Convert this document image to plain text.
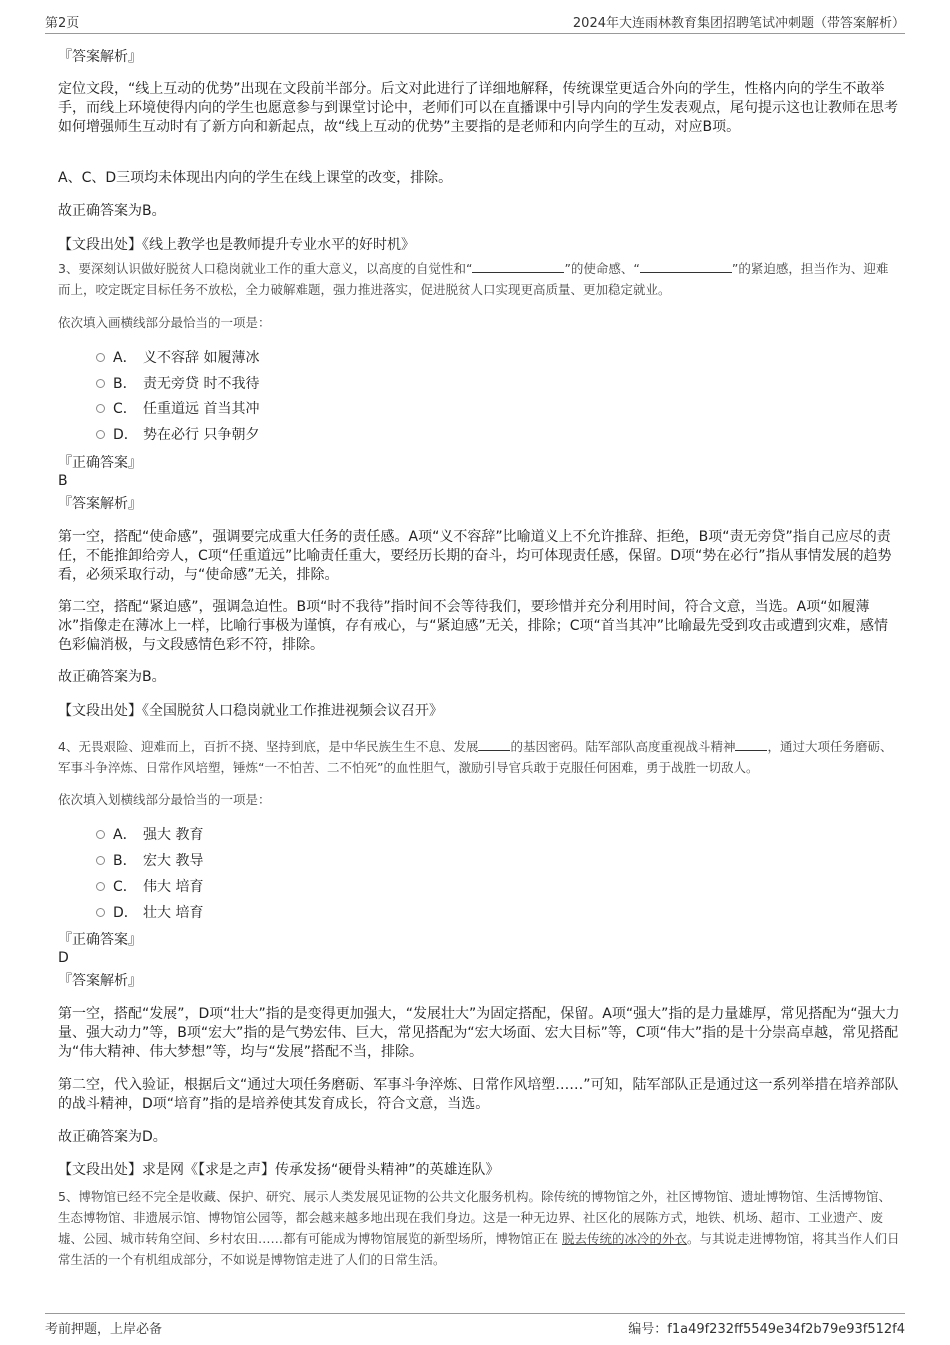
第2页	2024年大连雨林教育集团招聘笔试冲刺题（带答案解析）
『答案解析』
定位文段，“线上互动的优势”出现在文段前半部分。后文对此进行了详细地解释，传统课堂更适合外向的学生，性格内向的学生不敢举手，而线上环境使得内向的学生也愿意参与到课堂讨论中，老师们可以在直播课中引导内向的学生发表观点，尾句提示这也让教师在思考如何增强师生互动时有了新方向和新起点，故“线上互动的优势”主要指的是老师和内向学生的互动，对应B项。
A、C、D三项均未体现出内向的学生在线上课堂的改变，排除。
故正确答案为B。
【文段出处】《线上教学也是教师提升专业水平的好时机》
3、要深刻认识做好脱贫人口稳岗就业工作的重大意义，以高度的自觉性和“	”的使命感、“	”的紧迫感，担当作为、迎难而上，咬定既定目标任务不放松，全力破解难题，强力推进落实，促进脱贫人口实现更高质量、更加稳定就业。
依次填入画横线部分最恰当的一项是：
A． 义不容辞 如履薄冰
B． 责无旁贷 时不我待
C． 任重道远 首当其冲
D． 势在必行 只争朝夕
『正确答案』
B
『答案解析』
第一空，搭配“使命感”，强调要完成重大任务的责任感。A项“义不容辞”比喻道义上不允许推辞、拒绝，B项“责无旁贷”指自己应尽的责任，不能推卸给旁人，C项“任重道远”比喻责任重大，要经历长期的奋斗，均可体现责任感，保留。D项“势在必行”指从事情发展的趋势看，必须采取行动，与“使命感”无关，排除。
第二空，搭配“紧迫感”，强调急迫性。B项“时不我待”指时间不会等待我们，要珍惜并充分利用时间，符合文意，当选。A项“如履薄冰”指像走在薄冰上一样，比喻行事极为谨慎，存有戒心，与“紧迫感”无关，排除；C项“首当其冲”比喻最先受到攻击或遭到灾难，感情色彩偏消极，与文段感情色彩不符，排除。
故正确答案为B。
【文段出处】《全国脱贫人口稳岗就业工作推进视频会议召开》
4、无畏艰险、迎难而上，百折不挠、坚持到底，是中华民族生生不息、发展	的基因密码。陆军部队高度重视战斗精神	，通过大项任务磨砺、军事斗争淬炼、日常作风培塑，锤炼“一不怕苦、二不怕死”的血性胆气，激励引导官兵敢于克服任何困难，勇于战胜一切敌人。
依次填入划横线部分最恰当的一项是：
A． 强大 教育
B． 宏大 教导
C． 伟大 培育
D． 壮大 培育
『正确答案』
D
『答案解析』
第一空，搭配“发展”，D项“壮大”指的是变得更加强大，“发展壮大”为固定搭配，保留。A项“强大”指的是力量雄厚，常见搭配为“强大力量、强大动力”等，B项“宏大”指的是气势宏伟、巨大，常见搭配为“宏大场面、宏大目标”等，C项“伟大”指的是十分崇高卓越，常见搭配为“伟大精神、伟大梦想”等，均与“发展”搭配不当，排除。
第二空，代入验证，根据后文“通过大项任务磨砺、军事斗争淬炼、日常作风培塑……”可知，陆军部队正是通过这一系列举措在培养部队的战斗精神，D项“培育”指的是培养使其发育成长，符合文意，当选。
故正确答案为D。
【文段出处】求是网《【求是之声】传承发扬“硬骨头精神”的英雄连队》
5、博物馆已经不完全是收藏、保护、研究、展示人类发展见证物的公共文化服务机构。除传统的博物馆之外，社区博物馆、遗址博物馆、生活博物馆、生态博物馆、非遗展示馆、博物馆公园等，都会越来越多地出现在我们身边。这是一种无边界、社区化的展陈方式，地铁、机场、超市、工业遗产、废墟、公园、城市转角空间、乡村农田……都有可能成为博物馆展览的新型场所，博物馆正在 脱去传统的冰冷的外衣。与其说走进博物馆，将其当作人们日常生活的一个有机组成部分，不如说是博物馆走进了人们的日常生活。
考前押题，上岸必备	编号：f1a49f232ff5549e34f2b79e93f512f4
